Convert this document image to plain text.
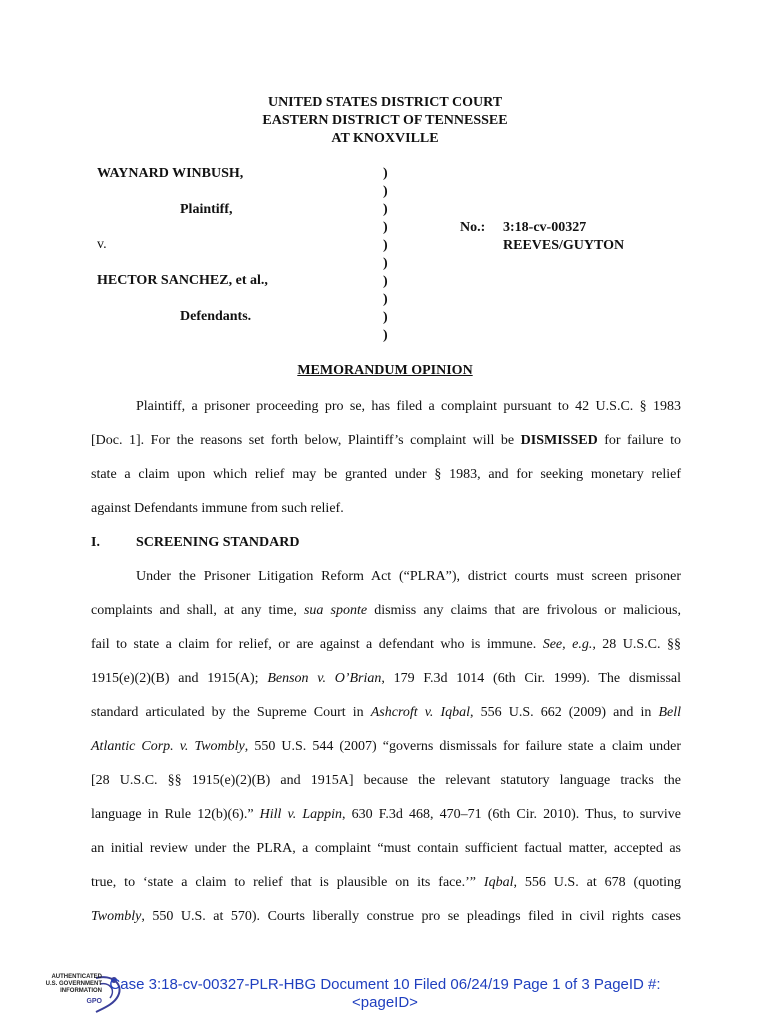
UNITED STATES DISTRICT COURT
EASTERN DISTRICT OF TENNESSEE
AT KNOXVILLE
WAYNARD WINBUSH,
Plaintiff,
v.
HECTOR SANCHEZ, et al.,
Defendants.
)
)
)
)
)
)
)
)
)
)
No.: 3:18-cv-00327
REEVES/GUYTON
MEMORANDUM OPINION
Plaintiff, a prisoner proceeding pro se, has filed a complaint pursuant to 42 U.S.C. § 1983
[Doc. 1]. For the reasons set forth below, Plaintiff’s complaint will be DISMISSED for failure to
state a claim upon which relief may be granted under § 1983, and for seeking monetary relief
against Defendants immune from such relief.
I.	SCREENING STANDARD
Under the Prisoner Litigation Reform Act (“PLRA”), district courts must screen prisoner
complaints and shall, at any time, sua sponte dismiss any claims that are frivolous or malicious,
fail to state a claim for relief, or are against a defendant who is immune. See, e.g., 28 U.S.C. §§
1915(e)(2)(B) and 1915(A); Benson v. O’Brian, 179 F.3d 1014 (6th Cir. 1999). The dismissal
standard articulated by the Supreme Court in Ashcroft v. Iqbal, 556 U.S. 662 (2009) and in Bell
Atlantic Corp. v. Twombly, 550 U.S. 544 (2007) “governs dismissals for failure state a claim under
[28 U.S.C. §§ 1915(e)(2)(B) and 1915A] because the relevant statutory language tracks the
language in Rule 12(b)(6).” Hill v. Lappin, 630 F.3d 468, 470–71 (6th Cir. 2010). Thus, to survive
an initial review under the PLRA, a complaint “must contain sufficient factual matter, accepted as
true, to ‘state a claim to relief that is plausible on its face.’” Iqbal, 556 U.S. at 678 (quoting
Twombly, 550 U.S. at 570). Courts liberally construe pro se pleadings filed in civil rights cases
AUTHENTICATED
U.S. GOVERNMENT
INFORMATION
GPO
Case 3:18-cv-00327-PLR-HBG Document 10 Filed 06/24/19 Page 1 of 3 PageID #:
<pageID>
